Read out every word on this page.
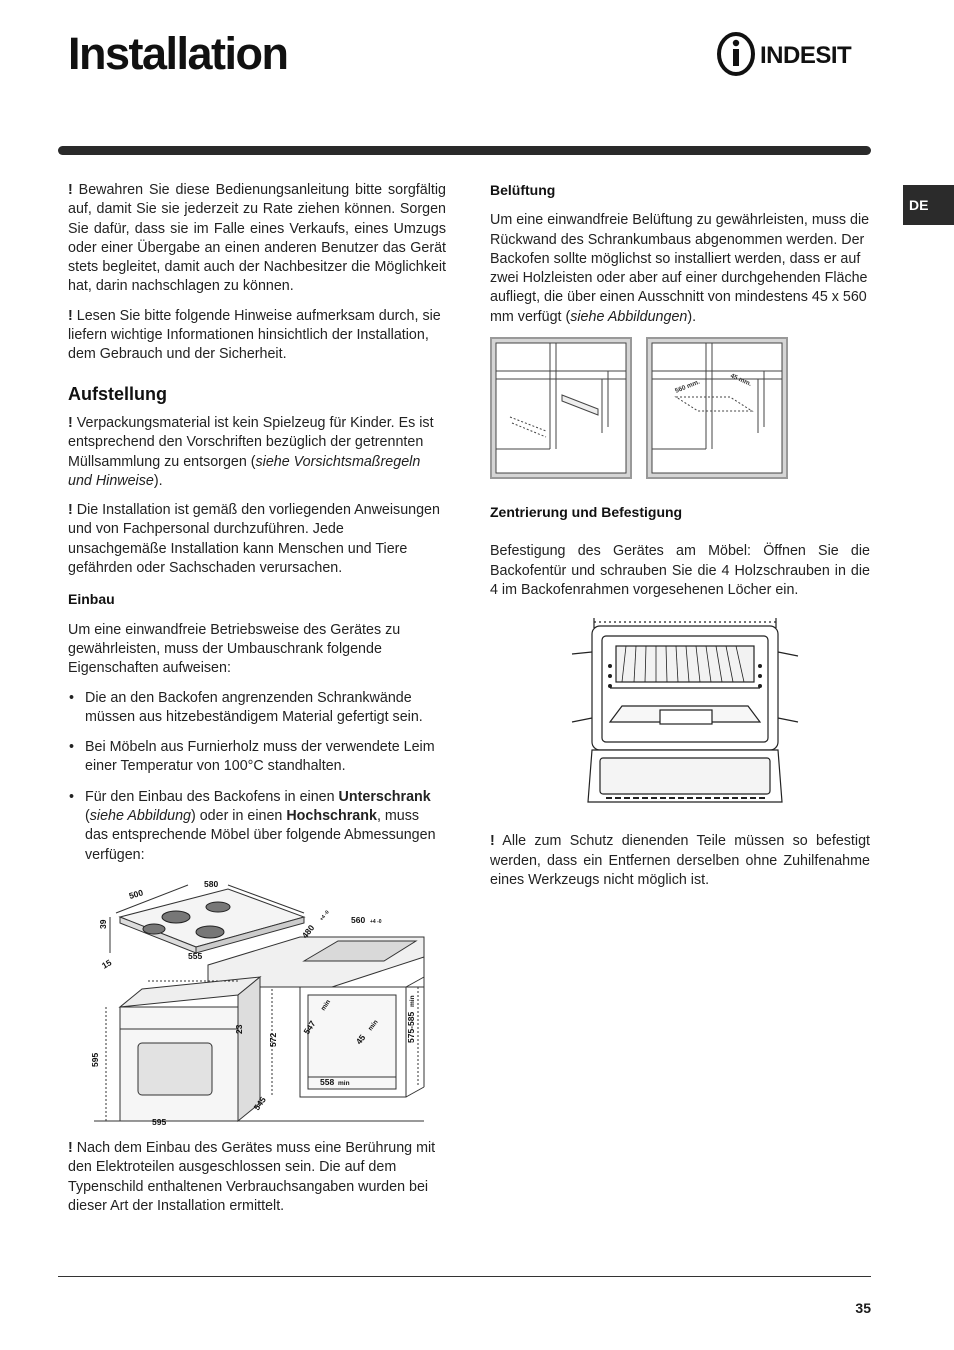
Installation	INDESIT
DE

! Bewahren Sie diese Bedienungsanleitung bitte sorgfältig auf, damit Sie sie jederzeit zu Rate ziehen können. Sorgen Sie dafür, dass sie im Falle eines Verkaufs, eines Umzugs oder einer Übergabe an einen anderen Benutzer das Gerät stets begleitet, damit auch der Nachbesitzer die Möglichkeit hat, darin nachschlagen zu können.

! Lesen Sie bitte folgende Hinweise aufmerksam durch, sie liefern wichtige Informationen hinsichtlich der Installation, dem Gebrauch und der Sicherheit.

Aufstellung

! Verpackungsmaterial ist kein Spielzeug für Kinder. Es ist entsprechend den Vorschriften bezüglich der getrennten Müllsammlung zu entsorgen (siehe Vorsichtsmaßregeln und Hinweise).

! Die Installation ist gemäß den vorliegenden Anweisungen und von Fachpersonal durchzuführen. Jede unsachgemäße Installation kann Menschen und Tiere gefährden oder Sachschaden verursachen.

Einbau

Um eine einwandfreie Betriebsweise des Gerätes zu gewährleisten, muss der Umbauschrank folgende Eigenschaften aufweisen:

• Die an den Backofen angrenzenden Schrankwände müssen aus hitzebeständigem Material gefertigt sein.
• Bei Möbeln aus Furnierholz muss der verwendete Leim einer Temperatur von 100°C standhalten.
• Für den Einbau des Backofens in einen Unterschrank (siehe Abbildung) oder in einen Hochschrank, muss das entsprechende Möbel über folgende Abmessungen verfügen:
580
500
39
15
555
480
+4 -0 560 +4 -0
547
min
45
min	575-585
min
23
572
595
595
545
558 min

! Nach dem Einbau des Gerätes muss eine Berührung mit den Elektroteilen ausgeschlossen sein. Die auf dem Typenschild enthaltenen Verbrauchsangaben wurden bei dieser Art der Installation ermittelt.

Belüftung

Um eine einwandfreie Belüftung zu gewährleisten, muss die Rückwand des Schrankumbaus abgenommen werden. Der Backofen sollte möglichst so installiert werden, dass er auf zwei Holzleisten oder aber auf einer durchgehenden Fläche aufliegt, die über einen Ausschnitt von mindestens 45 x 560 mm verfügt (siehe Abbildungen).

560 mm.	45 mm.
Zentrierung und Befestigung

Befestigung des Gerätes am Möbel: Öffnen Sie die Backofentür und schrauben Sie die 4 Holzschrauben in die 4 im Backofenrahmen vorgesehenen Löcher ein.

! Alle zum Schutz dienenden Teile müssen so befestigt werden, dass ein Entfernen derselben ohne Zuhilfenahme eines Werkzeugs nicht möglich ist.

35
